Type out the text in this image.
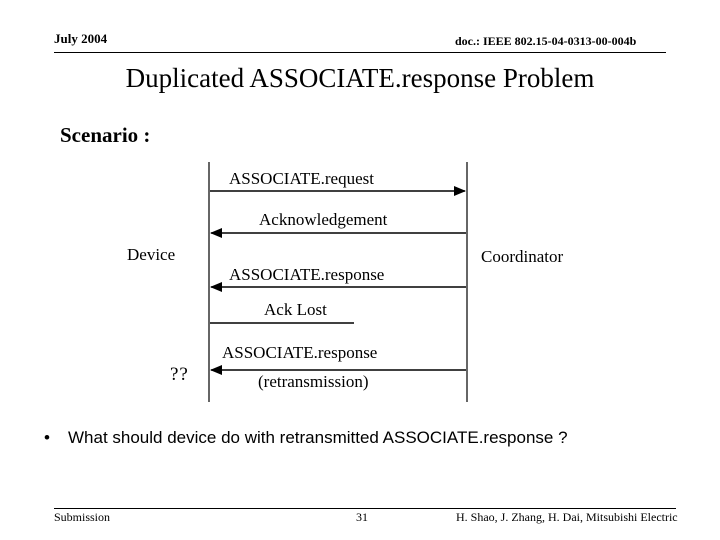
July 2004	doc.: IEEE 802.15-04-0313-00-004b
Duplicated ASSOCIATE.response Problem
Scenario :
ASSOCIATE.request
Acknowledgement
Device	Coordinator
ASSOCIATE.response
Ack Lost
ASSOCIATE.response
(retransmission)
??
• What should device do with retransmitted ASSOCIATE.response ?
Submission	31	H. Shao, J. Zhang, H. Dai, Mitsubishi Electric
